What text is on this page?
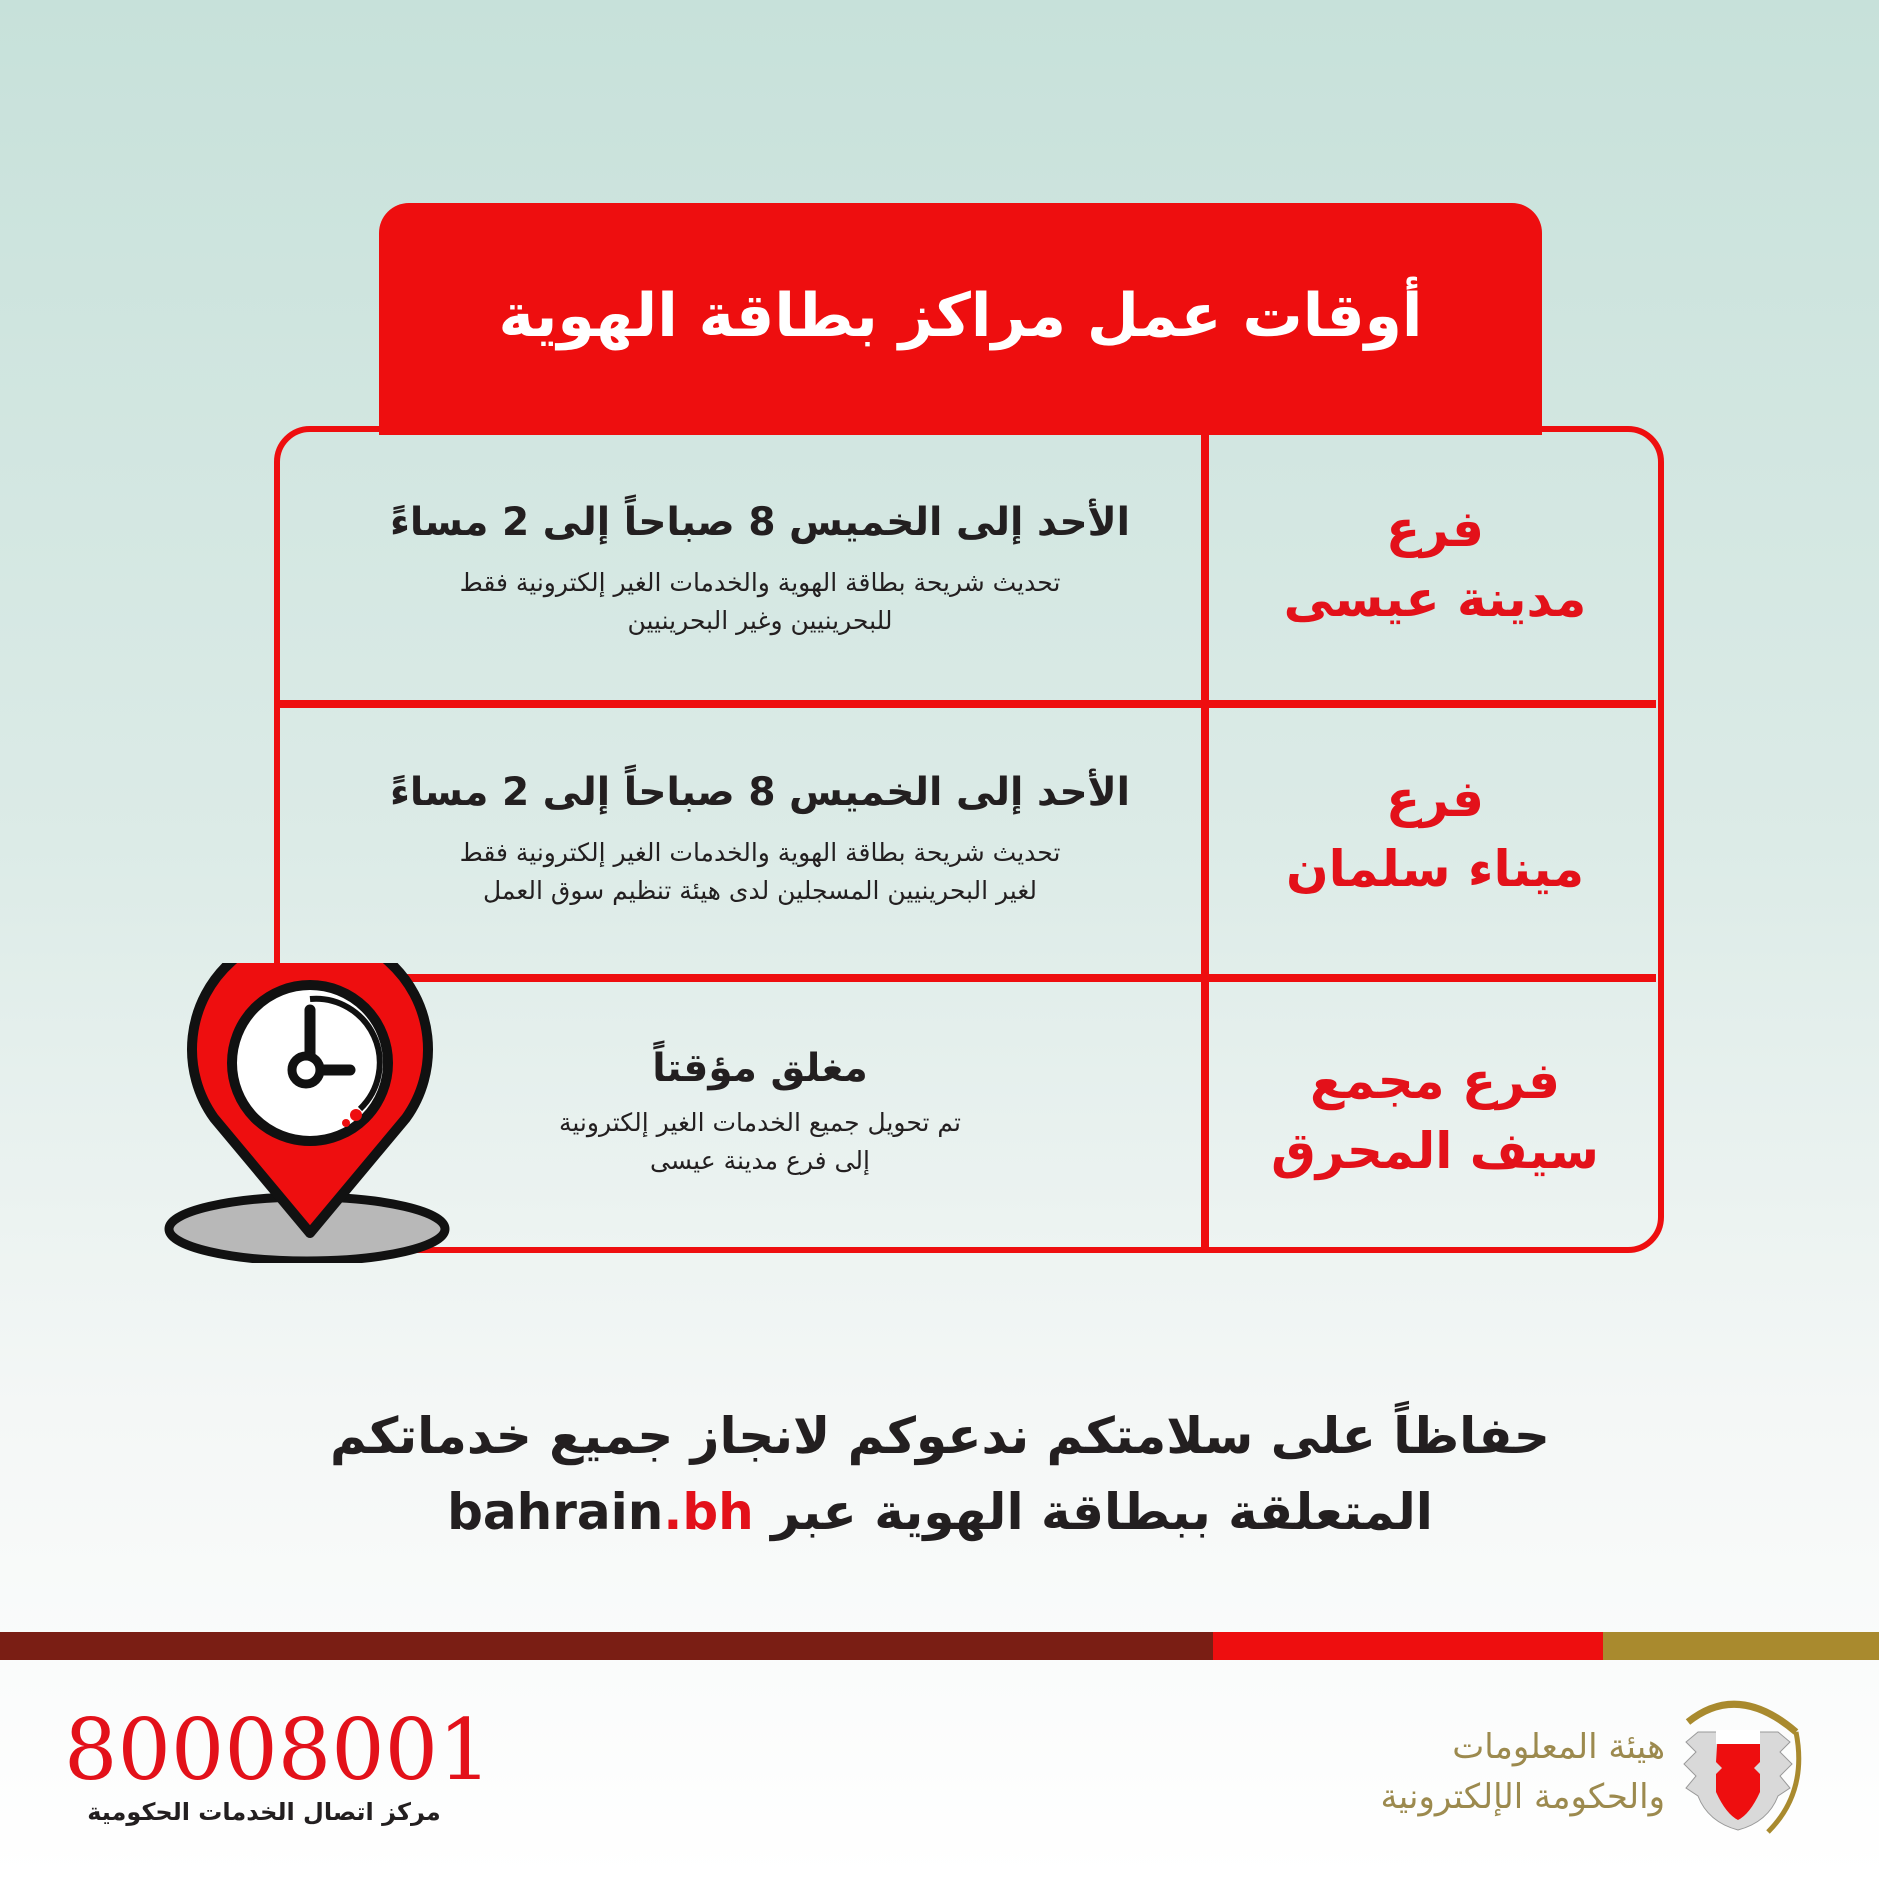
أوقات عمل مراكز بطاقة الهوية
فرع
مدينة عيسى
الأحد إلى الخميس 8 صباحاً إلى 2 مساءً
تحديث شريحة بطاقة الهوية والخدمات الغير إلكترونية فقط
للبحرينيين وغير البحرينيين
فرع
ميناء سلمان
الأحد إلى الخميس 8 صباحاً إلى 2 مساءً
تحديث شريحة بطاقة الهوية والخدمات الغير إلكترونية فقط
لغير البحرينيين المسجلين لدى هيئة تنظيم سوق العمل
فرع مجمع
سيف المحرق
مغلق مؤقتاً
تم تحويل جميع الخدمات الغير إلكترونية
إلى فرع مدينة عيسى
حفاظاً على سلامتكم ندعوكم لانجاز جميع خدماتكم
المتعلقة ببطاقة الهوية عبر bahrain.bh
80008001
مركز اتصال الخدمات الحكومية
هيئة المعلومات
والحكومة الإلكترونية
